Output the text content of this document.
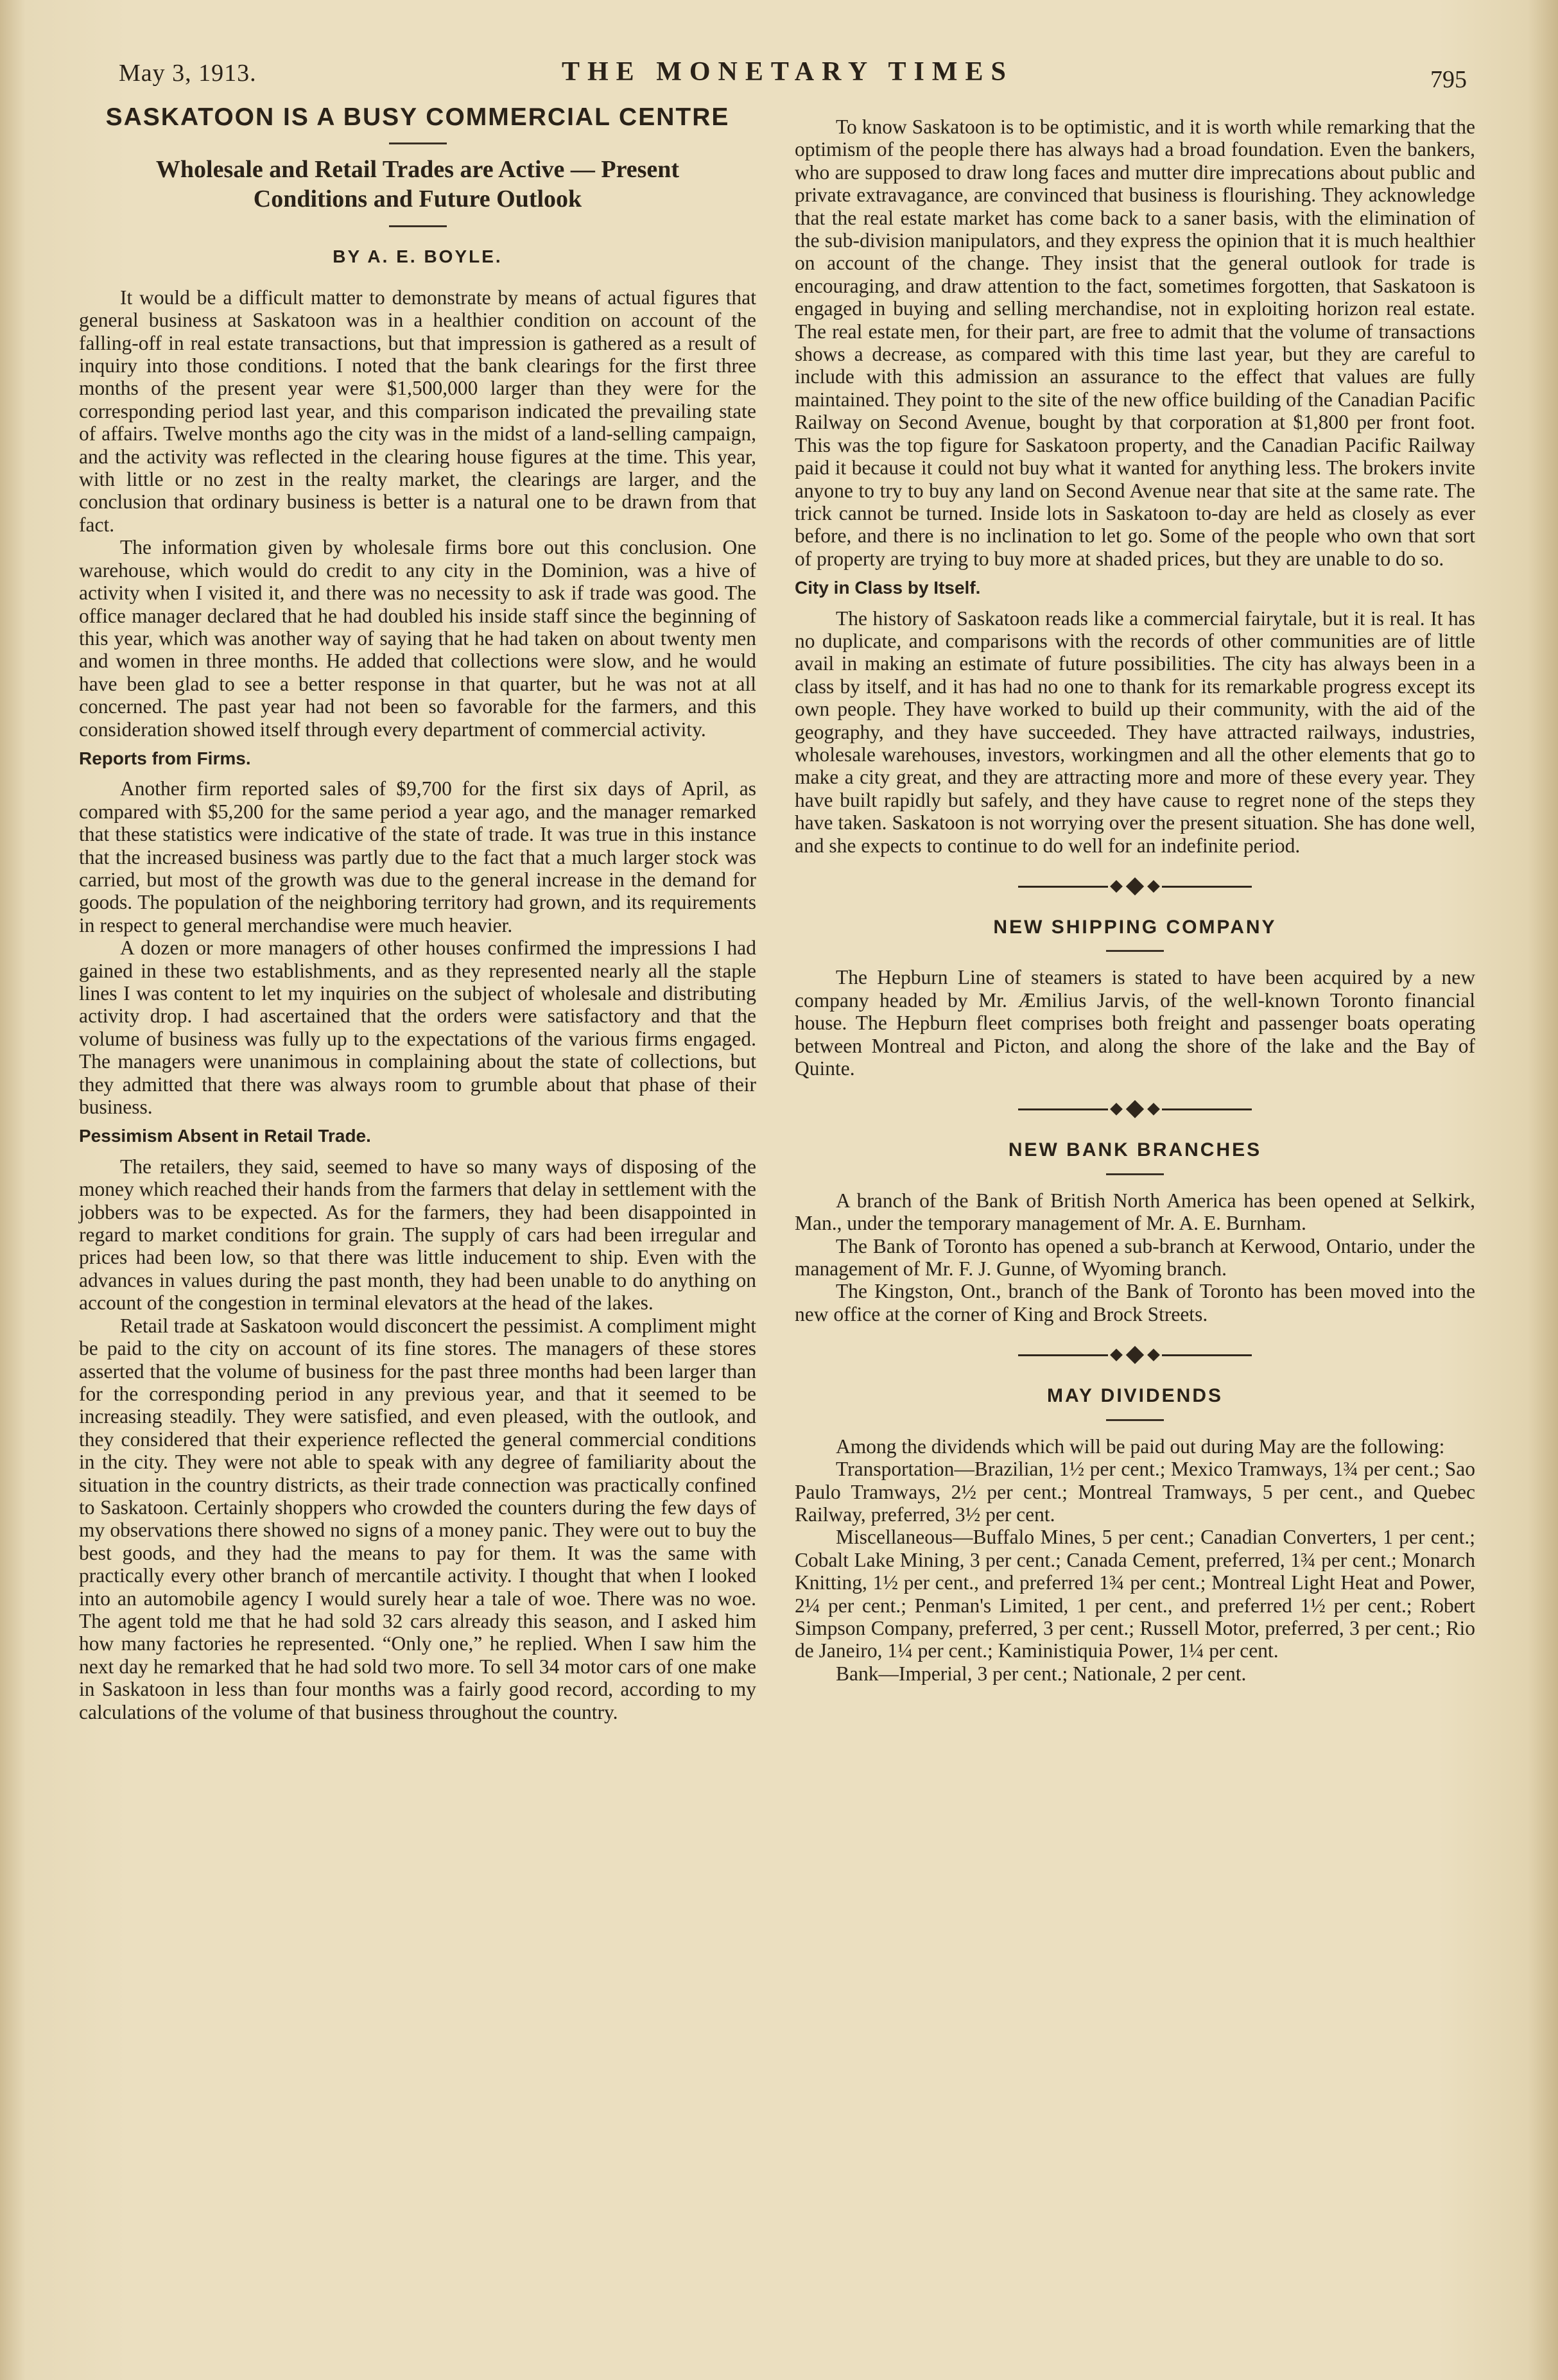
May 3, 1913.	THE MONETARY TIMES	795
SASKATOON IS A BUSY COMMERCIAL CENTRE
Wholesale and Retail Trades are Active — Present Conditions and Future Outlook
BY A. E. BOYLE.

It would be a difficult matter to demonstrate by means of actual figures that general business at Saskatoon was in a healthier condition on account of the falling-off in real estate transactions, but that impression is gathered as a result of inquiry into those conditions. I noted that the bank clearings for the first three months of the present year were $1,500,000 larger than they were for the corresponding period last year, and this comparison indicated the prevailing state of affairs. Twelve months ago the city was in the midst of a land-selling campaign, and the activity was reflected in the clearing house figures at the time. This year, with little or no zest in the realty market, the clearings are larger, and the conclusion that ordinary business is better is a natural one to be drawn from that fact.

The information given by wholesale firms bore out this conclusion. One warehouse, which would do credit to any city in the Dominion, was a hive of activity when I visited it, and there was no necessity to ask if trade was good. The office manager declared that he had doubled his inside staff since the beginning of this year, which was another way of saying that he had taken on about twenty men and women in three months. He added that collections were slow, and he would have been glad to see a better response in that quarter, but he was not at all concerned. The past year had not been so favorable for the farmers, and this consideration showed itself through every department of commercial activity.

Reports from Firms.

Another firm reported sales of $9,700 for the first six days of April, as compared with $5,200 for the same period a year ago, and the manager remarked that these statistics were indicative of the state of trade. It was true in this instance that the increased business was partly due to the fact that a much larger stock was carried, but most of the growth was due to the general increase in the demand for goods. The population of the neighboring territory had grown, and its requirements in respect to general merchandise were much heavier.

A dozen or more managers of other houses confirmed the impressions I had gained in these two establishments, and as they represented nearly all the staple lines I was content to let my inquiries on the subject of wholesale and distributing activity drop. I had ascertained that the orders were satisfactory and that the volume of business was fully up to the expectations of the various firms engaged. The managers were unanimous in complaining about the state of collections, but they admitted that there was always room to grumble about that phase of their business.

Pessimism Absent in Retail Trade.

The retailers, they said, seemed to have so many ways of disposing of the money which reached their hands from the farmers that delay in settlement with the jobbers was to be expected. As for the farmers, they had been disappointed in regard to market conditions for grain. The supply of cars had been irregular and prices had been low, so that there was little inducement to ship. Even with the advances in values during the past month, they had been unable to do anything on account of the congestion in terminal elevators at the head of the lakes.

Retail trade at Saskatoon would disconcert the pessimist. A compliment might be paid to the city on account of its fine stores. The managers of these stores asserted that the volume of business for the past three months had been larger than for the corresponding period in any previous year, and that it seemed to be increasing steadily. They were satisfied, and even pleased, with the outlook, and they considered that their experience reflected the general commercial conditions in the city. They were not able to speak with any degree of familiarity about the situation in the country districts, as their trade connection was practically confined to Saskatoon. Certainly shoppers who crowded the counters during the few days of my observations there showed no signs of a money panic. They were out to buy the best goods, and they had the means to pay for them. It was the same with practically every other branch of mercantile activity. I thought that when I looked into an automobile agency I would surely hear a tale of woe. There was no woe. The agent told me that he had sold 32 cars already this season, and I asked him how many factories he represented. “Only one,” he replied. When I saw him the next day he remarked that he had sold two more. To sell 34 motor cars of one make in Saskatoon in less than four months was a fairly good record, according to my calculations of the volume of that business throughout the country.

To know Saskatoon is to be optimistic, and it is worth while remarking that the optimism of the people there has always had a broad foundation. Even the bankers, who are supposed to draw long faces and mutter dire imprecations about public and private extravagance, are convinced that business is flourishing. They acknowledge that the real estate market has come back to a saner basis, with the elimination of the sub-division manipulators, and they express the opinion that it is much healthier on account of the change. They insist that the general outlook for trade is encouraging, and draw attention to the fact, sometimes forgotten, that Saskatoon is engaged in buying and selling merchandise, not in exploiting horizon real estate. The real estate men, for their part, are free to admit that the volume of transactions shows a decrease, as compared with this time last year, but they are careful to include with this admission an assurance to the effect that values are fully maintained. They point to the site of the new office building of the Canadian Pacific Railway on Second Avenue, bought by that corporation at $1,800 per front foot. This was the top figure for Saskatoon property, and the Canadian Pacific Railway paid it because it could not buy what it wanted for anything less. The brokers invite anyone to try to buy any land on Second Avenue near that site at the same rate. The trick cannot be turned. Inside lots in Saskatoon to-day are held as closely as ever before, and there is no inclination to let go. Some of the people who own that sort of property are trying to buy more at shaded prices, but they are unable to do so.

City in Class by Itself.

The history of Saskatoon reads like a commercial fairytale, but it is real. It has no duplicate, and comparisons with the records of other communities are of little avail in making an estimate of future possibilities. The city has always been in a class by itself, and it has had no one to thank for its remarkable progress except its own people. They have worked to build up their community, with the aid of the geography, and they have succeeded. They have attracted railways, industries, wholesale warehouses, investors, workingmen and all the other elements that go to make a city great, and they are attracting more and more of these every year. They have built rapidly but safely, and they have cause to regret none of the steps they have taken. Saskatoon is not worrying over the present situation. She has done well, and she expects to continue to do well for an indefinite period.

NEW SHIPPING COMPANY

The Hepburn Line of steamers is stated to have been acquired by a new company headed by Mr. Æmilius Jarvis, of the well-known Toronto financial house. The Hepburn fleet comprises both freight and passenger boats operating between Montreal and Picton, and along the shore of the lake and the Bay of Quinte.

NEW BANK BRANCHES

A branch of the Bank of British North America has been opened at Selkirk, Man., under the temporary management of Mr. A. E. Burnham.

The Bank of Toronto has opened a sub-branch at Kerwood, Ontario, under the management of Mr. F. J. Gunne, of Wyoming branch.

The Kingston, Ont., branch of the Bank of Toronto has been moved into the new office at the corner of King and Brock Streets.

MAY DIVIDENDS

Among the dividends which will be paid out during May are the following:

Transportation—Brazilian, 1½ per cent.; Mexico Tramways, 1¾ per cent.; Sao Paulo Tramways, 2½ per cent.; Montreal Tramways, 5 per cent., and Quebec Railway, preferred, 3½ per cent.

Miscellaneous—Buffalo Mines, 5 per cent.; Canadian Converters, 1 per cent.; Cobalt Lake Mining, 3 per cent.; Canada Cement, preferred, 1¾ per cent.; Monarch Knitting, 1½ per cent., and preferred 1¾ per cent.; Montreal Light Heat and Power, 2¼ per cent.; Penman's Limited, 1 per cent., and preferred 1½ per cent.; Robert Simpson Company, preferred, 3 per cent.; Russell Motor, preferred, 3 per cent.; Rio de Janeiro, 1¼ per cent.; Kaministiquia Power, 1¼ per cent.

Bank—Imperial, 3 per cent.; Nationale, 2 per cent.
